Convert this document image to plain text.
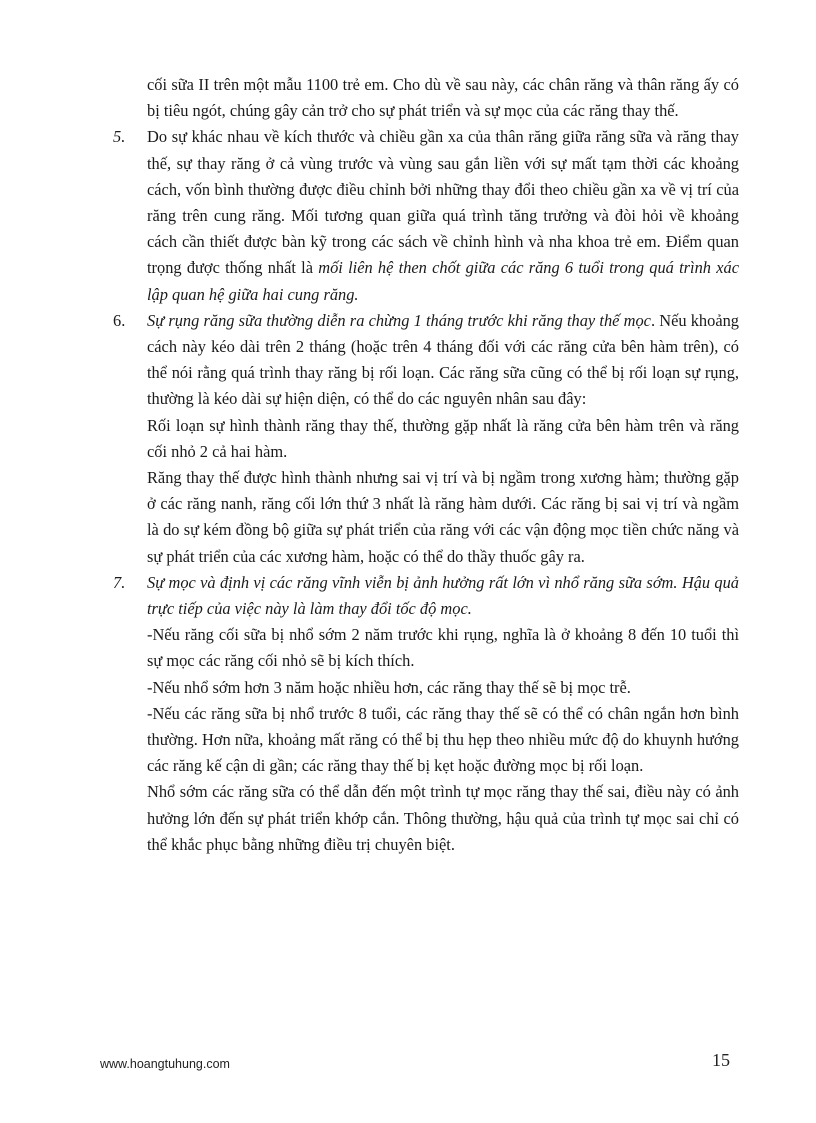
cối sữa II trên một mẫu 1100 trẻ em. Cho dù về sau này, các chân răng và thân răng ấy có bị tiêu ngót, chúng gây cản trở cho sự phát triển và sự mọc của các răng thay thế.

5. Do sự khác nhau về kích thước và chiều gần xa của thân răng giữa răng sữa và răng thay thế, sự thay răng ở cả vùng trước và vùng sau gắn liền với sự mất tạm thời các khoảng cách, vốn bình thường được điều chỉnh bởi những thay đổi theo chiều gần xa về vị trí của răng trên cung răng. Mối tương quan giữa quá trình tăng trưởng và đòi hỏi về khoảng cách cần thiết được bàn kỹ trong các sách về chỉnh hình và nha khoa trẻ em. Điểm quan trọng được thống nhất là mối liên hệ then chốt giữa các răng 6 tuổi trong quá trình xác lập quan hệ giữa hai cung răng.

6. Sự rụng răng sữa thường diễn ra chừng 1 tháng trước khi răng thay thế mọc. Nếu khoảng cách này kéo dài trên 2 tháng (hoặc trên 4 tháng đối với các răng cửa bên hàm trên), có thể nói rằng quá trình thay răng bị rối loạn. Các răng sữa cũng có thể bị rối loạn sự rụng, thường là kéo dài sự hiện diện, có thể do các nguyên nhân sau đây:

Rối loạn sự hình thành răng thay thế, thường gặp nhất là răng cửa bên hàm trên và răng cối nhỏ 2 cả hai hàm.

Răng thay thế được hình thành nhưng sai vị trí và bị ngầm trong xương hàm; thường gặp ở các răng nanh, răng cối lớn thứ 3 nhất là răng hàm dưới. Các răng bị sai vị trí và ngầm là do sự kém đồng bộ giữa sự phát triển của răng với các vận động mọc tiền chức năng và sự phát triển của các xương hàm, hoặc có thể do thầy thuốc gây ra.

7. Sự mọc và định vị các răng vĩnh viễn bị ảnh hưởng rất lớn vì nhổ răng sữa sớm. Hậu quả trực tiếp của việc này là làm thay đổi tốc độ mọc.

-Nếu răng cối sữa bị nhổ sớm 2 năm trước khi rụng, nghĩa là ở khoảng 8 đến 10 tuổi thì sự mọc các răng cối nhỏ sẽ bị kích thích.

-Nếu nhổ sớm hơn 3 năm hoặc nhiều hơn, các răng thay thế sẽ bị mọc trễ.

-Nếu các răng sữa bị nhổ trước 8 tuổi, các răng thay thế sẽ có thể có chân ngắn hơn bình thường. Hơn nữa, khoảng mất răng có thể bị thu hẹp theo nhiều mức độ do khuynh hướng các răng kế cận di gần; các răng thay thế bị kẹt hoặc đường mọc bị rối loạn.

Nhổ sớm các răng sữa có thể dẫn đến một trình tự mọc răng thay thế sai, điều này có ảnh hưởng lớn đến sự phát triển khớp cắn. Thông thường, hậu quả của trình tự mọc sai chỉ có thể khắc phục bằng những điều trị chuyên biệt.

www.hoangtuhung.com	15
